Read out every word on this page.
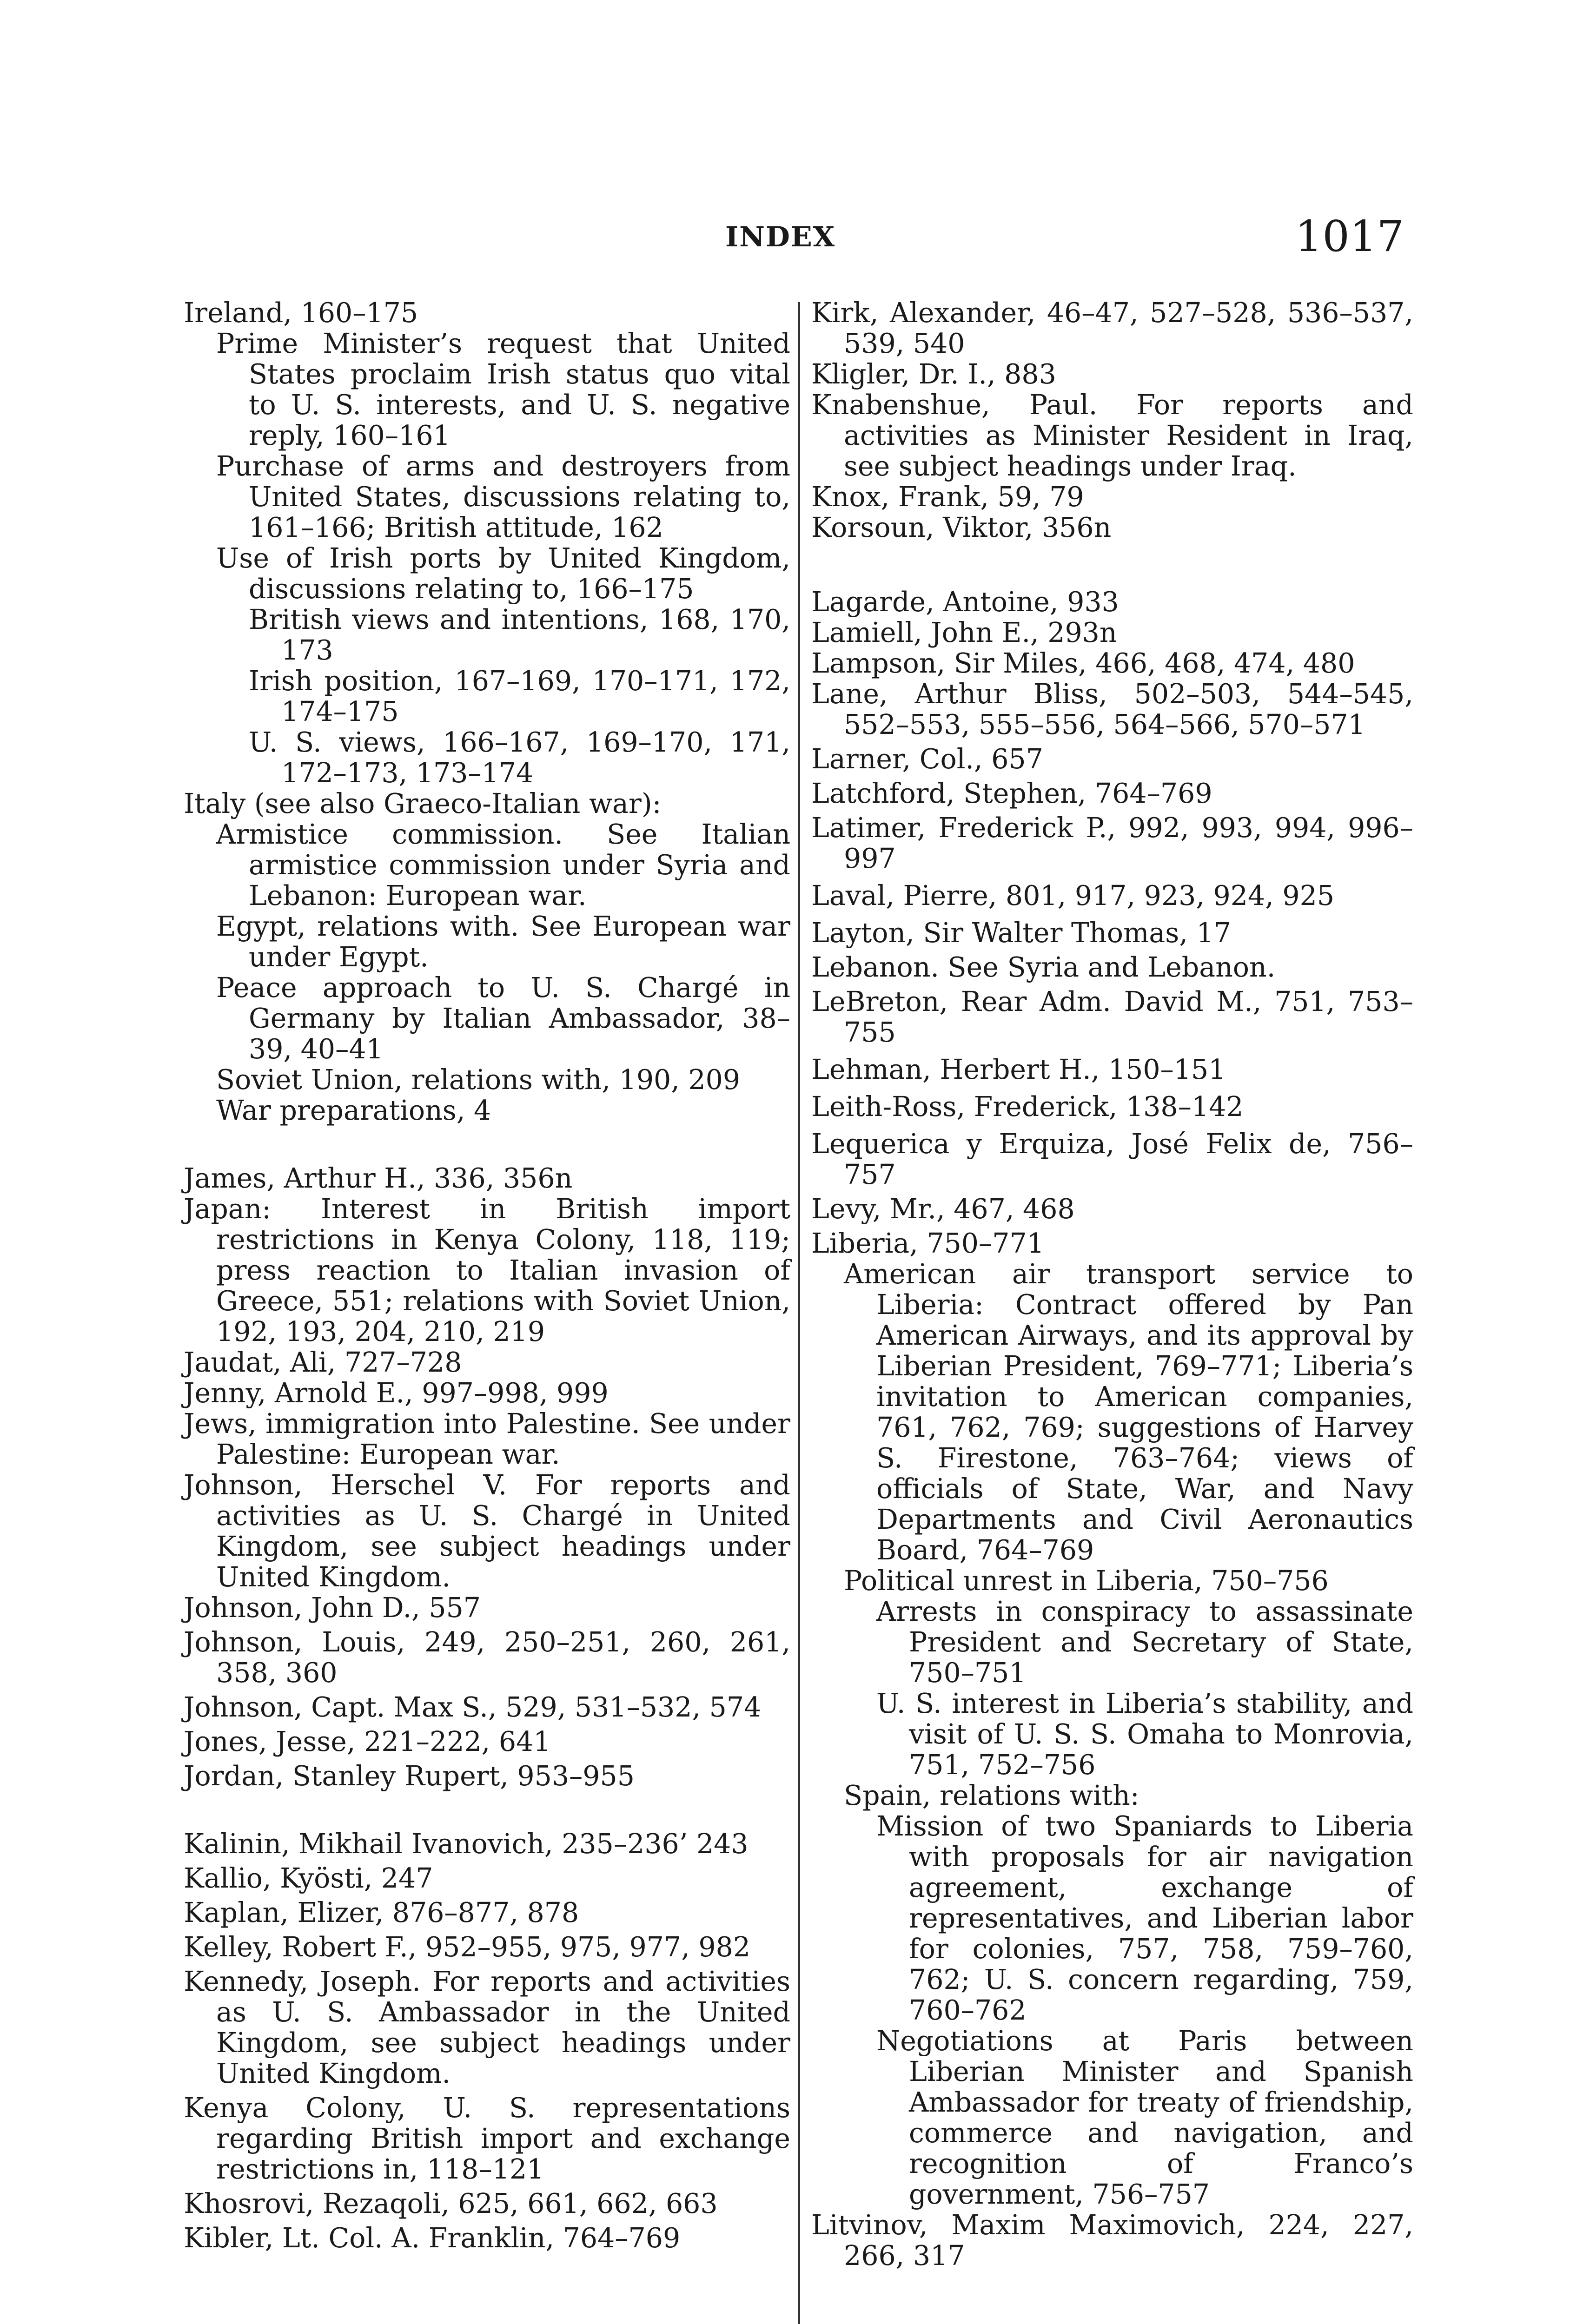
INDEX	1017
Ireland, 160–175
Prime Minister’s request that United States proclaim Irish status quo vital to U. S. interests, and U. S. negative reply, 160–161
Purchase of arms and destroyers from United States, discussions relating to, 161–166; British attitude, 162
Use of Irish ports by United Kingdom, discussions relating to, 166–175
British views and intentions, 168, 170, 173
Irish position, 167–169, 170–171, 172, 174–175
U. S. views, 166–167, 169–170, 171, 172–173, 173–174
Italy (see also Graeco-Italian war):
Armistice commission. See Italian armistice commission under Syria and Lebanon: European war.
Egypt, relations with. See European war under Egypt.
Peace approach to U. S. Chargé in Germany by Italian Ambassador, 38–39, 40–41
Soviet Union, relations with, 190, 209
War preparations, 4
James, Arthur H., 336, 356n
Japan: Interest in British import restrictions in Kenya Colony, 118, 119; press reaction to Italian invasion of Greece, 551; relations with Soviet Union, 192, 193, 204, 210, 219
Jaudat, Ali, 727–728
Jenny, Arnold E., 997–998, 999
Jews, immigration into Palestine. See under Palestine: European war.
Johnson, Herschel V. For reports and activities as U. S. Chargé in United Kingdom, see subject headings under United Kingdom.
Johnson, John D., 557
Johnson, Louis, 249, 250–251, 260, 261, 358, 360
Johnson, Capt. Max S., 529, 531–532, 574
Jones, Jesse, 221–222, 641
Jordan, Stanley Rupert, 953–955
Kalinin, Mikhail Ivanovich, 235–236’ 243
Kallio, Kyösti, 247
Kaplan, Elizer, 876–877, 878
Kelley, Robert F., 952–955, 975, 977, 982
Kennedy, Joseph. For reports and activities as U. S. Ambassador in the United Kingdom, see subject headings under United Kingdom.
Kenya Colony, U. S. representations regarding British import and exchange restrictions in, 118–121
Khosrovi, Rezaqoli, 625, 661, 662, 663
Kibler, Lt. Col. A. Franklin, 764–769
Kirk, Alexander, 46–47, 527–528, 536–537, 539, 540
Kligler, Dr. I., 883
Knabenshue, Paul. For reports and activities as Minister Resident in Iraq, see subject headings under Iraq.
Knox, Frank, 59, 79
Korsoun, Viktor, 356n
Lagarde, Antoine, 933
Lamiell, John E., 293n
Lampson, Sir Miles, 466, 468, 474, 480
Lane, Arthur Bliss, 502–503, 544–545, 552–553, 555–556, 564–566, 570–571
Larner, Col., 657
Latchford, Stephen, 764–769
Latimer, Frederick P., 992, 993, 994, 996–997
Laval, Pierre, 801, 917, 923, 924, 925
Layton, Sir Walter Thomas, 17
Lebanon. See Syria and Lebanon.
LeBreton, Rear Adm. David M., 751, 753–755
Lehman, Herbert H., 150–151
Leith-Ross, Frederick, 138–142
Lequerica y Erquiza, José Felix de, 756–757
Levy, Mr., 467, 468
Liberia, 750–771
American air transport service to Liberia: Contract offered by Pan American Airways, and its approval by Liberian President, 769–771; Liberia’s invitation to American companies, 761, 762, 769; suggestions of Harvey S. Firestone, 763–764; views of officials of State, War, and Navy Departments and Civil Aeronautics Board, 764–769
Political unrest in Liberia, 750–756
Arrests in conspiracy to assassinate President and Secretary of State, 750–751
U. S. interest in Liberia’s stability, and visit of U. S. S. Omaha to Monrovia, 751, 752–756
Spain, relations with:
Mission of two Spaniards to Liberia with proposals for air navigation agreement, exchange of representatives, and Liberian labor for colonies, 757, 758, 759–760, 762; U. S. concern regarding, 759, 760–762
Negotiations at Paris between Liberian Minister and Spanish Ambassador for treaty of friendship, commerce and navigation, and recognition of Franco’s government, 756–757
Litvinov, Maxim Maximovich, 224, 227, 266, 317
